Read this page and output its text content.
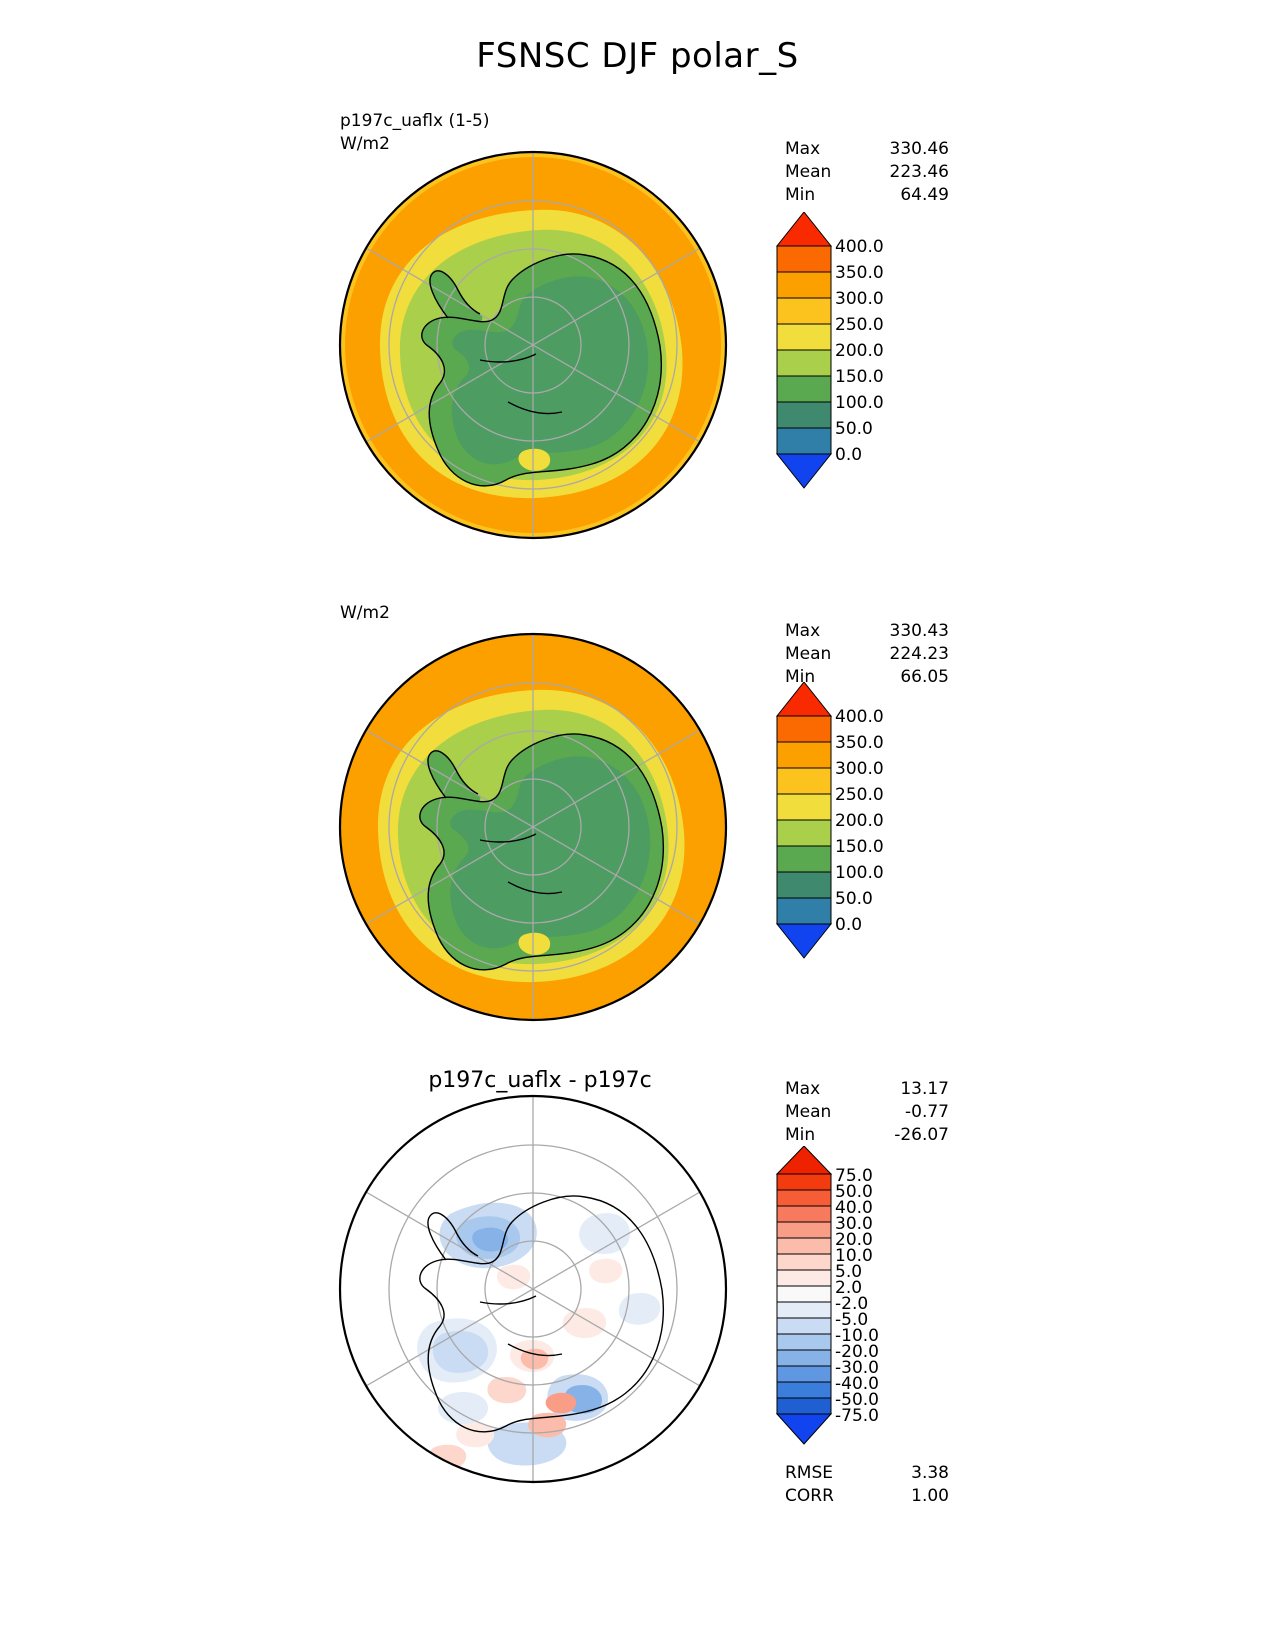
FSNSC DJF polar_S
p197c_uaflx (1-5)
W/m2	Max	330.46
Mean	223.46
Min	64.49
400.0
350.0
300.0
250.0
200.0
150.0
100.0
50.0
0.0
W/m2
Max	330.43
Mean	224.23
Min	66.05
400.0
350.0
300.0
250.0
200.0
150.0
100.0
50.0
0.0
p197c_uaflx - p197c	Max	13.17
Mean	-0.77
Min	-26.07
75.0
50.0
40.0
30.0
20.0
10.0
5.0
2.0
-2.0
-5.0
-10.0
-20.0
-30.0
-40.0
-50.0
-75.0
RMSE	3.38
CORR	1.00
